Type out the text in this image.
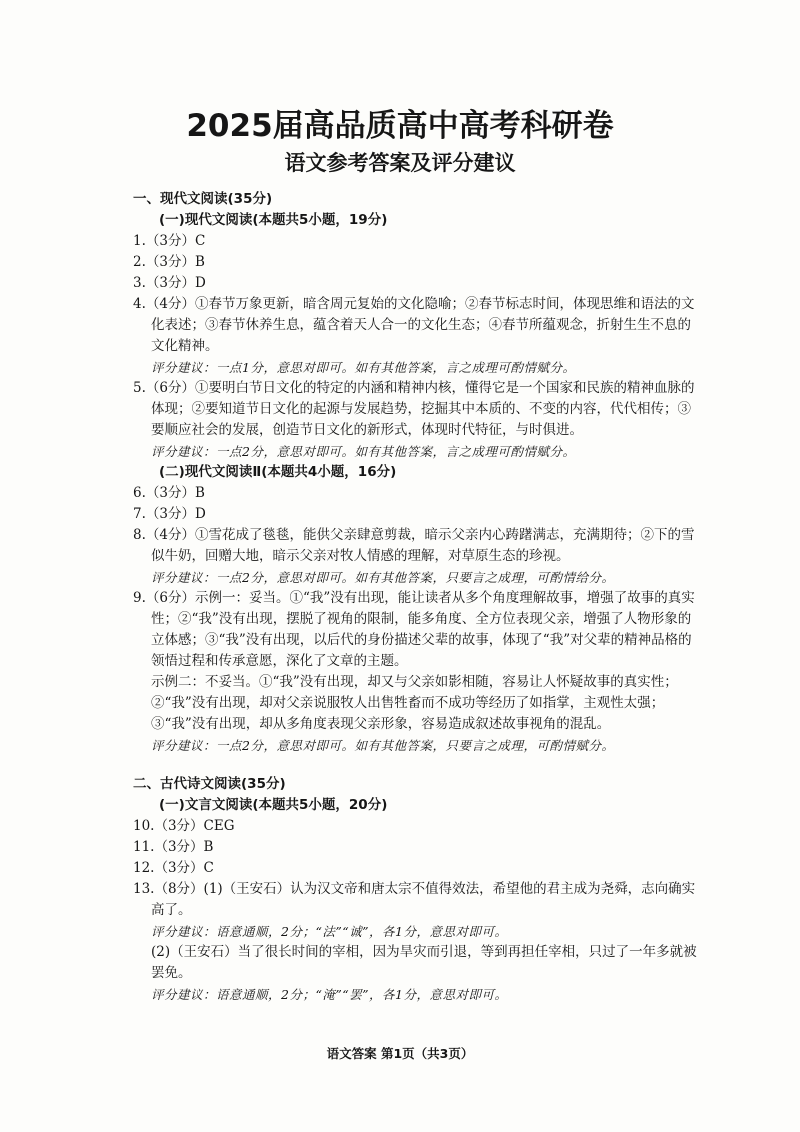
2025届高品质高中高考科研卷
语文参考答案及评分建议
一、现代文阅读(35分)
(一)现代文阅读(本题共5小题，19分)
1.（3分）C
2.（3分）B
3.（3分）D
4.（4分）①春节万象更新，暗含周元复始的文化隐喻；②春节标志时间，体现思维和语法的文化表述；③春节休养生息，蕴含着天人合一的文化生态；④春节所蕴观念，折射生生不息的文化精神。
评分建议：一点1分，意思对即可。如有其他答案，言之成理可酌情赋分。
5.（6分）①要明白节日文化的特定的内涵和精神内核，懂得它是一个国家和民族的精神血脉的体现；②要知道节日文化的起源与发展趋势，挖掘其中本质的、不变的内容，代代相传；③要顺应社会的发展，创造节日文化的新形式，体现时代特征，与时俱进。
评分建议：一点2分，意思对即可。如有其他答案，言之成理可酌情赋分。
(二)现代文阅读Ⅱ(本题共4小题，16分)
6.（3分）B
7.（3分）D
8.（4分）①雪花成了毯毯，能供父亲肆意剪裁，暗示父亲内心踌躇满志，充满期待；②下的雪似牛奶，回赠大地，暗示父亲对牧人情感的理解，对草原生态的珍视。
评分建议：一点2分，意思对即可。如有其他答案，只要言之成理，可酌情给分。
9.（6分）示例一：妥当。①“我”没有出现，能让读者从多个角度理解故事，增强了故事的真实性；②“我”没有出现，摆脱了视角的限制，能多角度、全方位表现父亲，增强了人物形象的立体感；③“我”没有出现，以后代的身份描述父辈的故事，体现了“我”对父辈的精神品格的领悟过程和传承意愿，深化了文章的主题。
示例二：不妥当。①“我”没有出现，却又与父亲如影相随，容易让人怀疑故事的真实性；②“我”没有出现，却对父亲说服牧人出售牲畜而不成功等经历了如指掌，主观性太强；③“我”没有出现，却从多角度表现父亲形象，容易造成叙述故事视角的混乱。
评分建议：一点2分，意思对即可。如有其他答案，只要言之成理，可酌情赋分。
二、古代诗文阅读(35分)
(一)文言文阅读(本题共5小题，20分)
10.（3分）CEG
11.（3分）B
12.（3分）C
13.（8分）(1)（王安石）认为汉文帝和唐太宗不值得效法，希望他的君主成为尧舜，志向确实高了。
评分建议：语意通顺，2分；“法”“诚”，各1分，意思对即可。
(2)（王安石）当了很长时间的宰相，因为旱灾而引退，等到再担任宰相，只过了一年多就被罢免。
评分建议：语意通顺，2分；“淹”“罢”，各1分，意思对即可。
语文答案 第1页（共3页）
